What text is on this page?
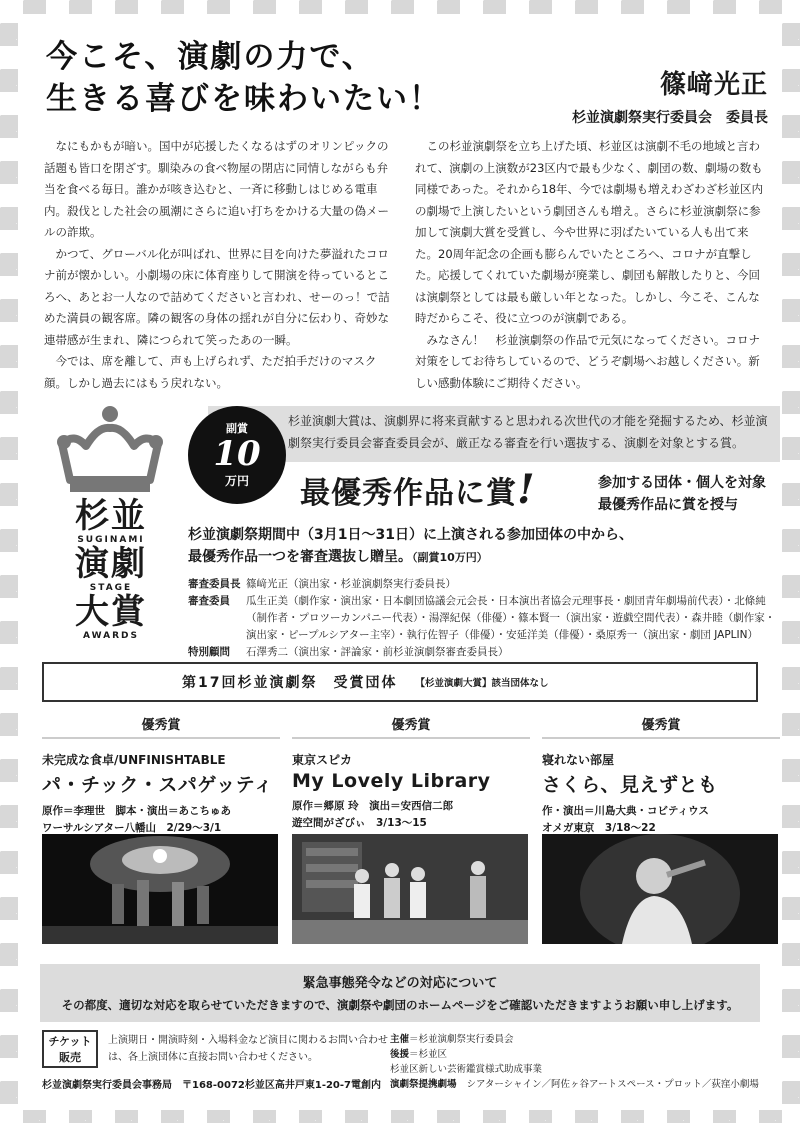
今こそ、演劇の力で、
生きる喜びを味わいたい！	篠﨑光正
杉並演劇祭実行委員会　委員長

なにもかもが暗い。国中が応援したくなるはずのオリンピックの話題も皆口を閉ざす。馴染みの食べ物屋の閉店に同情しながらも弁当を食べる毎日。誰かが咳き込むと、一斉に移動しはじめる電車内。殺伐とした社会の風潮にさらに追い打ちをかける大量の偽メールの詐欺。

かつて、グローバル化が叫ばれ、世界に目を向けた夢溢れたコロナ前が懐かしい。小劇場の床に体育座りして開演を待っているところへ、あとお一人なので詰めてくださいと言われ、せーのっ！で詰めた満員の観客席。隣の観客の身体の揺れが自分に伝わり、奇妙な連帯感が生まれ、隣につられて笑ったあの一瞬。

今では、席を離して、声も上げられず、ただ拍手だけのマスク顔。しかし過去にはもう戻れない。

この杉並演劇祭を立ち上げた頃、杉並区は演劇不毛の地域と言われて、演劇の上演数が23区内で最も少なく、劇団の数、劇場の数も同様であった。それから18年、今では劇場も増えわざわざ杉並区内の劇場で上演したいという劇団さんも増え。さらに杉並演劇祭に参加して演劇大賞を受賞し、今や世界に羽ばたいている人も出て来た。20周年記念の企画も膨らんでいたところへ、コロナが直撃した。応援してくれていた劇場が廃業し、劇団も解散したりと、今回は演劇祭としては最も厳しい年となった。しかし、今こそ、こんな時だからこそ、役に立つのが演劇である。

みなさん！　杉並演劇祭の作品で元気になってください。コロナ対策をしてお待ちしているので、どうぞ劇場へお越しください。新しい感動体験にご期待ください。

杉並演劇大賞は、演劇界に将来貢献すると思われる次世代の才能を発掘するため、杉並演劇祭実行委員会審査委員会が、厳正なる審査を行い選抜する、演劇を対象とする賞。
杉並
SUGINAMI
演劇
STAGE
大賞
AWARDS
副賞
10
万円	最優秀作品に賞!	参加する団体・個人を対象
最優秀作品に賞を授与
杉並演劇祭期間中（3月1日〜31日）に上演される参加団体の中から、
最優秀作品一つを審査選抜し贈呈。（副賞10万円）
審査委員長 篠﨑光正（演出家・杉並演劇祭実行委員長）
審査委員	瓜生正美（劇作家・演出家・日本劇団協議会元会長・日本演出者協会元理事長・劇団青年劇場前代表）・北條純（制作者・プロツーカンパニー代表）・湯澤紀保（俳優）・篠本賢一（演出家・遊戯空間代表）・森井睦（劇作家・演出家・ピープルシアター主宰）・執行佐智子（俳優）・安延洋美（俳優）・桑原秀一（演出家・劇団 JAPLIN）
特別顧問	石澤秀二（演出家・評論家・前杉並演劇祭審査委員長）
第17回杉並演劇祭　受賞団体 【杉並演劇大賞】該当団体なし
優秀賞
未完成な食卓/UNFINISHTABLE
パ・チック・スパゲッティ
原作＝李理世　脚本・演出＝あこちゅあ
ワーサルシアター八幡山　2/29〜3/1
優秀賞
東京スピカ
My Lovely Library
原作＝郷原 玲　演出＝安西信二郎
遊空間がざびぃ　3/13〜15
優秀賞
寝れない部屋
さくら、見えずとも
作・演出＝川島大典・コビティウス
オメガ東京　3/18〜22
緊急事態発令などの対応について
その都度、適切な対応を取らせていただきますので、演劇祭や劇団のホームページをご確認いただきますようお願い申し上げます。
チケット
販売
上演期日・開演時刻・入場料金など演目に関わるお問い合わせは、各上演団体に直接お問い合わせください。
杉並演劇祭実行委員会事務局　〒168-0072杉並区高井戸東1-20-7電創内
主催＝杉並演劇祭実行委員会
後援＝杉並区
杉並区新しい芸術鑑賞様式助成事業
演劇祭提携劇場 シアターシャイン／阿佐ヶ谷アートスペース・プロット／荻窪小劇場
